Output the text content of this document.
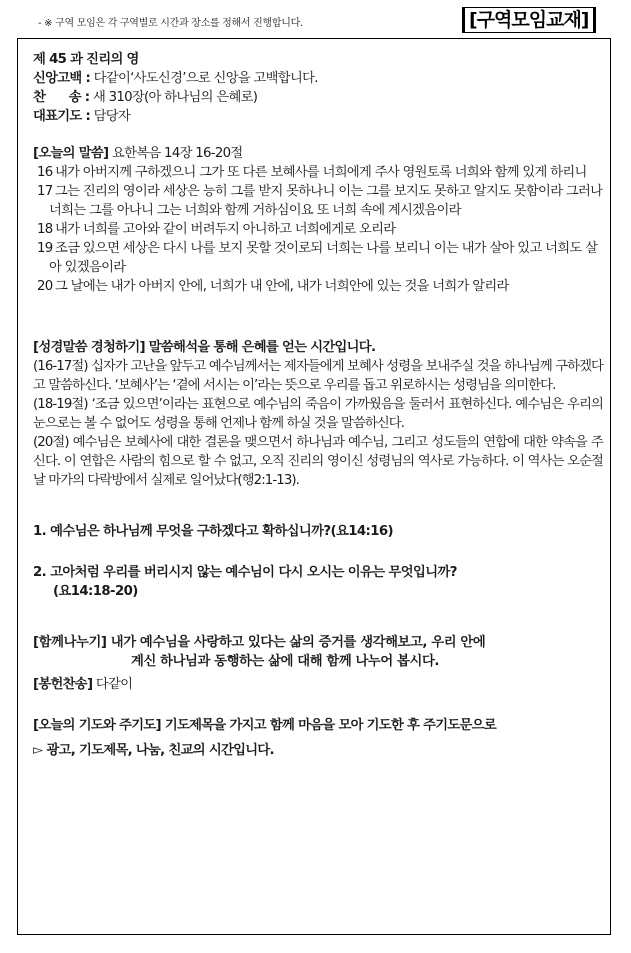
- ※ 구역 모임은 각 구역별로 시간과 장소를 정해서 진행합니다.	[구역모임교재]
제 45 과 진리의 영
신앙고백 : 다같이‘사도신경’으로 신앙을 고백합니다.
찬      송 : 새 310장(아 하나님의 은혜로)
대표기도 : 담당자
[오늘의 말씀] 요한복음 14장 16-20절

16 내가 아버지께 구하겠으니 그가 또 다른 보혜사를 너희에게 주사 영원토록 너희와 함께 있게 하리니

17 그는 진리의 영이라 세상은 능히 그를 받지 못하나니 이는 그를 보지도 못하고 알지도 못함이라 그러나 너희는 그를 아나니 그는 너희와 함께 거하심이요 또 너희 속에 계시겠음이라

18 내가 너희를 고아와 같이 버려두지 아니하고 너희에게로 오리라

19 조금 있으면 세상은 다시 나를 보지 못할 것이로되 너희는 나를 보리니 이는 내가 살아 있고 너희도 살아 있겠음이라

20 그 날에는 내가 아버지 안에, 너희가 내 안에, 내가 너희안에 있는 것을 너희가 알리라

[성경말씀 경청하기] 말씀해석을 통해 은혜를 얻는 시간입니다.

(16-17절) 십자가 고난을 앞두고 예수님께서는 제자들에게 보혜사 성령을 보내주실 것을 하나님께 구하겠다고 말씀하신다. ‘보혜사’는 ‘곁에 서시는 이’라는 뜻으로 우리를 돕고 위로하시는 성령님을 의미한다.

(18-19절) ‘조금 있으면’이라는 표현으로 예수님의 죽음이 가까웠음을 둘러서 표현하신다. 예수님은 우리의 눈으로는 볼 수 없어도 성령을 통해 언제나 함께 하실 것을 말씀하신다.

(20절) 예수님은 보혜사에 대한 결론을 맺으면서 하나님과 예수님, 그리고 성도들의 연합에 대한 약속을 주신다. 이 연합은 사람의 힘으로 할 수 없고, 오직 진리의 영이신 성령님의 역사로 가능하다. 이 역사는 오순절날 마가의 다락방에서 실제로 일어났다(행2:1-13).

1. 예수님은 하나님께 무엇을 구하겠다고 확하십니까?(요14:16)

2. 고아처럼 우리를 버리시지 않는 예수님이 다시 오시는 이유는 무엇입니까?
(요14:18-20)

[함께나누기] 내가 예수님을 사랑하고 있다는 삶의 증거를 생각해보고, 우리 안에
계신 하나님과 동행하는 삶에 대해 함께 나누어 봅시다.

[봉헌찬송] 다같이
[오늘의 기도와 주기도] 기도제목을 가지고 함께 마음을 모아 기도한 후 주기도문으로
▻ 광고, 기도제목, 나눔, 친교의 시간입니다.
